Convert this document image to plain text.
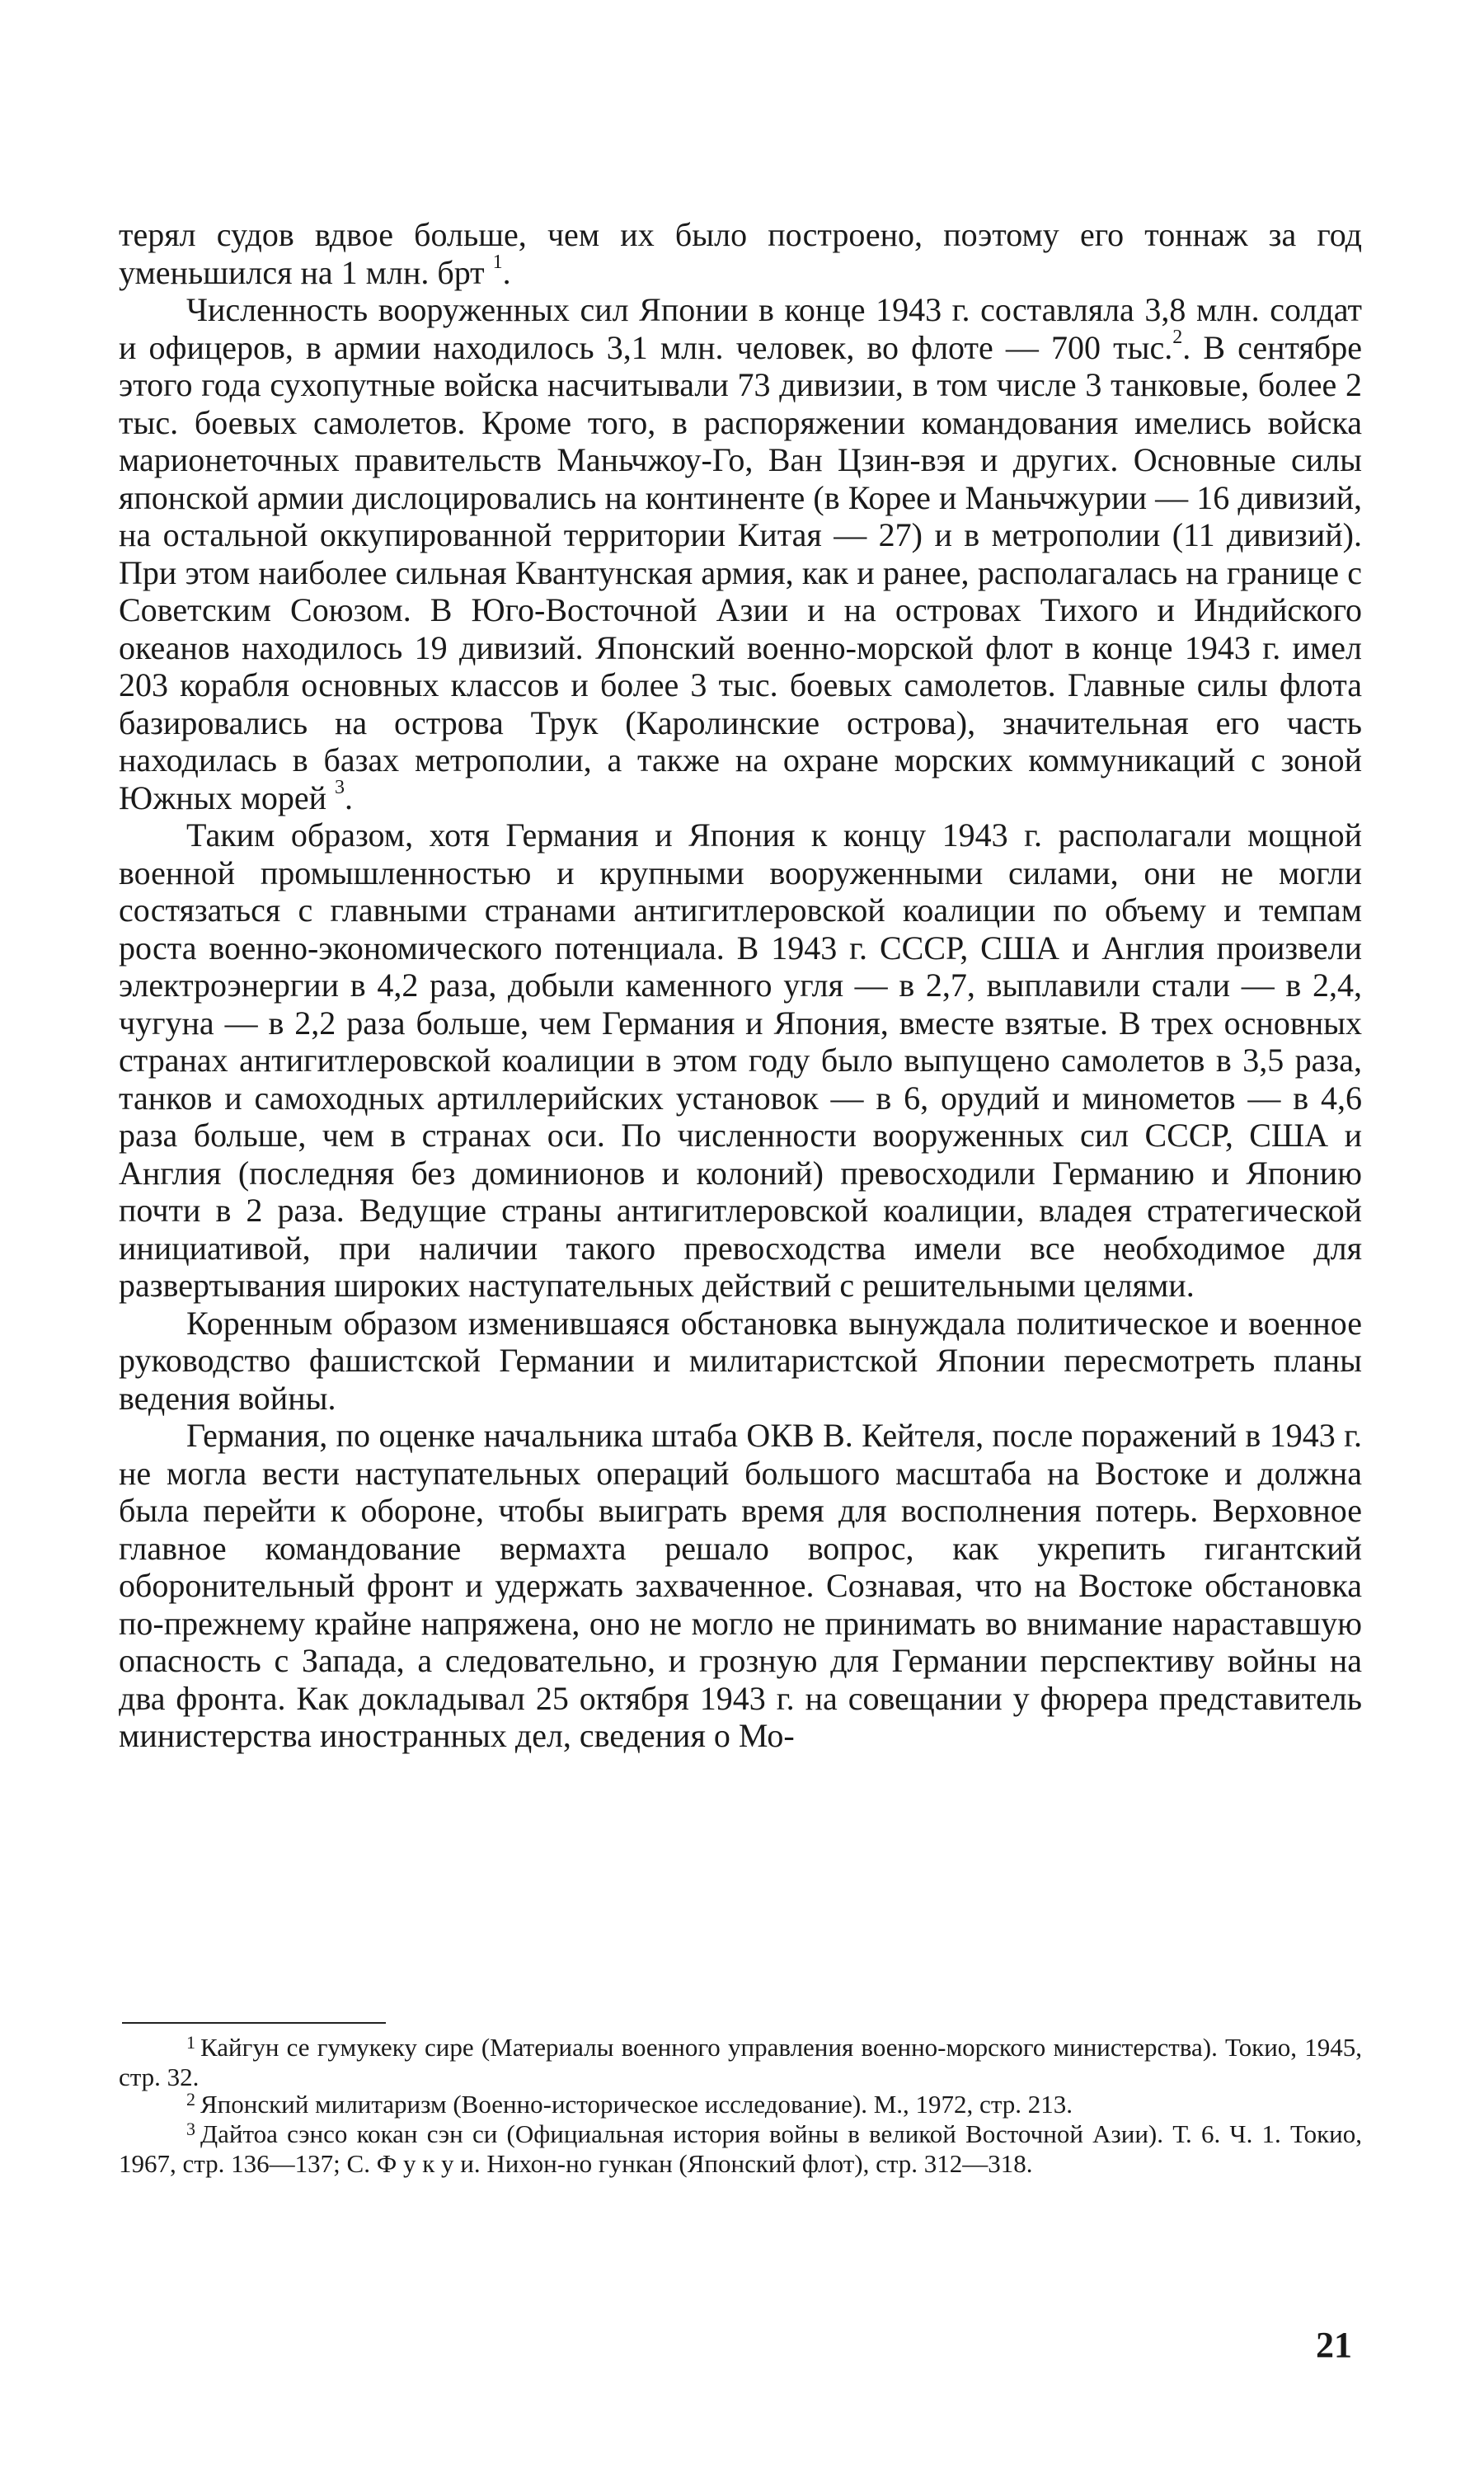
терял судов вдвое больше, чем их было построено, поэтому его тоннаж за год уменьшился на 1 млн. брт $^1$.

Численность вооруженных сил Японии в конце 1943 г. составляла 3,8 млн. солдат и офицеров, в армии находилось 3,1 млн. человек, во флоте — 700 тыс.$^2$. В сентябре этого года сухопутные войска насчитывали 73 дивизии, в том числе 3 танковые, более 2 тыс. боевых самолетов. Кроме того, в распоряжении командования имелись войска марионеточных правительств Маньчжоу-Го, Ван Цзин-вэя и других. Основные силы японской армии дислоцировались на континенте (в Корее и Маньчжурии — 16 дивизий, на остальной оккупированной территории Китая — 27) и в метрополии (11 дивизий). При этом наиболее сильная Квантунская армия, как и ранее, располагалась на границе с Советским Союзом. В Юго-Восточной Азии и на островах Тихого и Индийского океанов находилось 19 дивизий. Японский военно-морской флот в конце 1943 г. имел 203 корабля основных классов и более 3 тыс. боевых самолетов. Главные силы флота базировались на острова Трук (Каролинские острова), значительная его часть находилась в базах метрополии, а также на охране морских коммуникаций с зоной Южных морей $^3$.

Таким образом, хотя Германия и Япония к концу 1943 г. располагали мощной военной промышленностью и крупными вооруженными силами, они не могли состязаться с главными странами антигитлеровской коалиции по объему и темпам роста военно-экономического потенциала. В 1943 г. СССР, США и Англия произвели электроэнергии в 4,2 раза, добыли каменного угля — в 2,7, выплавили стали — в 2,4, чугуна — в 2,2 раза больше, чем Германия и Япония, вместе взятые. В трех основных странах антигитлеровской коалиции в этом году было выпущено самолетов в 3,5 раза, танков и самоходных артиллерийских установок — в 6, орудий и минометов — в 4,6 раза больше, чем в странах оси. По численности вооруженных сил СССР, США и Англия (последняя без доминионов и колоний) превосходили Германию и Японию почти в 2 раза. Ведущие страны антигитлеровской коалиции, владея стратегической инициативой, при наличии такого превосходства имели все необходимое для развертывания широких наступательных действий с решительными целями.

Коренным образом изменившаяся обстановка вынуждала политическое и военное руководство фашистской Германии и милитаристской Японии пересмотреть планы ведения войны.

Германия, по оценке начальника штаба ОКВ В. Кейтеля, после поражений в 1943 г. не могла вести наступательных операций большого масштаба на Востоке и должна была перейти к обороне, чтобы выиграть время для восполнения потерь. Верховное главное командование вермахта решало вопрос, как укрепить гигантский оборонительный фронт и удержать захваченное. Сознавая, что на Востоке обстановка по-прежнему крайне напряжена, оно не могло не принимать во внимание нараставшую опасность с Запада, а следовательно, и грозную для Германии перспективу войны на два фронта. Как докладывал 25 октября 1943 г. на совещании у фюрера представитель министерства иностранных дел, сведения о Мо-

$^1$ Кайгун се гумукеку сире (Материалы военного управления военно-морского министерства). Токио, 1945, стр. 32.

$^2$ Японский милитаризм (Военно-историческое исследование). М., 1972, стр. 213.

$^3$ Дайтоа сэнсо кокан сэн си (Официальная история войны в великой Восточной Азии). Т. 6. Ч. 1. Токио, 1967, стр. 136—137; С. Ф у к у и. Нихон-но гункан (Японский флот), стр. 312—318.

21
